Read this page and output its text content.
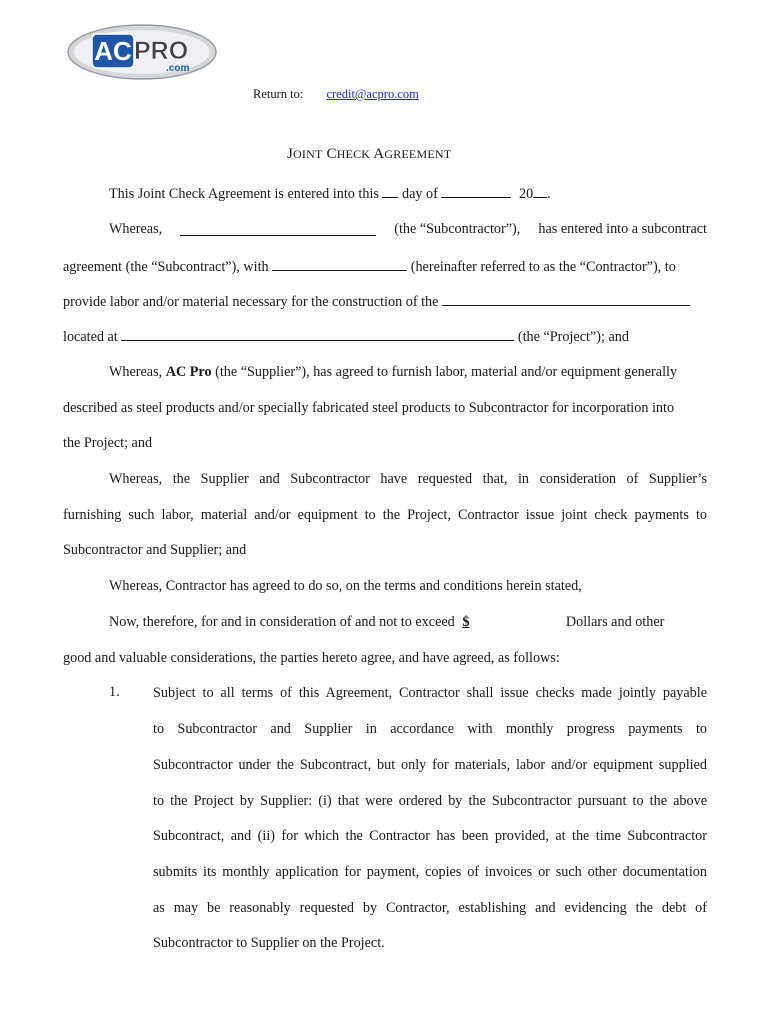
AC PRO
.com
Return to: credit@acpro.com
JOINT CHECK AGREEMENT
This Joint Check Agreement is entered into this day of	20 .
Whereas,	(the “Subcontractor”), has entered into a subcontract
agreement (the “Subcontract”), with	(hereinafter referred to as the “Contractor”), to
provide labor and/or material necessary for the construction of the
located at	(the “Project”); and
Whereas, AC Pro (the “Supplier”), has agreed to furnish labor, material and/or equipment generally
described as steel products and/or specially fabricated steel products to Subcontractor for incorporation into
the Project; and
Whereas, the Supplier and Subcontractor have requested that, in consideration of Supplier’s
furnishing such labor, material and/or equipment to the Project, Contractor issue joint check payments to
Subcontractor and Supplier; and
Whereas, Contractor has agreed to do so, on the terms and conditions herein stated,
Now, therefore, for and in consideration of and not to exceed $	Dollars and other
good and valuable considerations, the parties hereto agree, and have agreed, as follows:
1. Subject to all terms of this Agreement, Contractor shall issue checks made jointly payable
to Subcontractor and Supplier in accordance with monthly progress payments to
Subcontractor under the Subcontract, but only for materials, labor and/or equipment supplied
to the Project by Supplier: (i) that were ordered by the Subcontractor pursuant to the above
Subcontract, and (ii) for which the Contractor has been provided, at the time Subcontractor
submits its monthly application for payment, copies of invoices or such other documentation
as may be reasonably requested by Contractor, establishing and evidencing the debt of
Subcontractor to Supplier on the Project.
